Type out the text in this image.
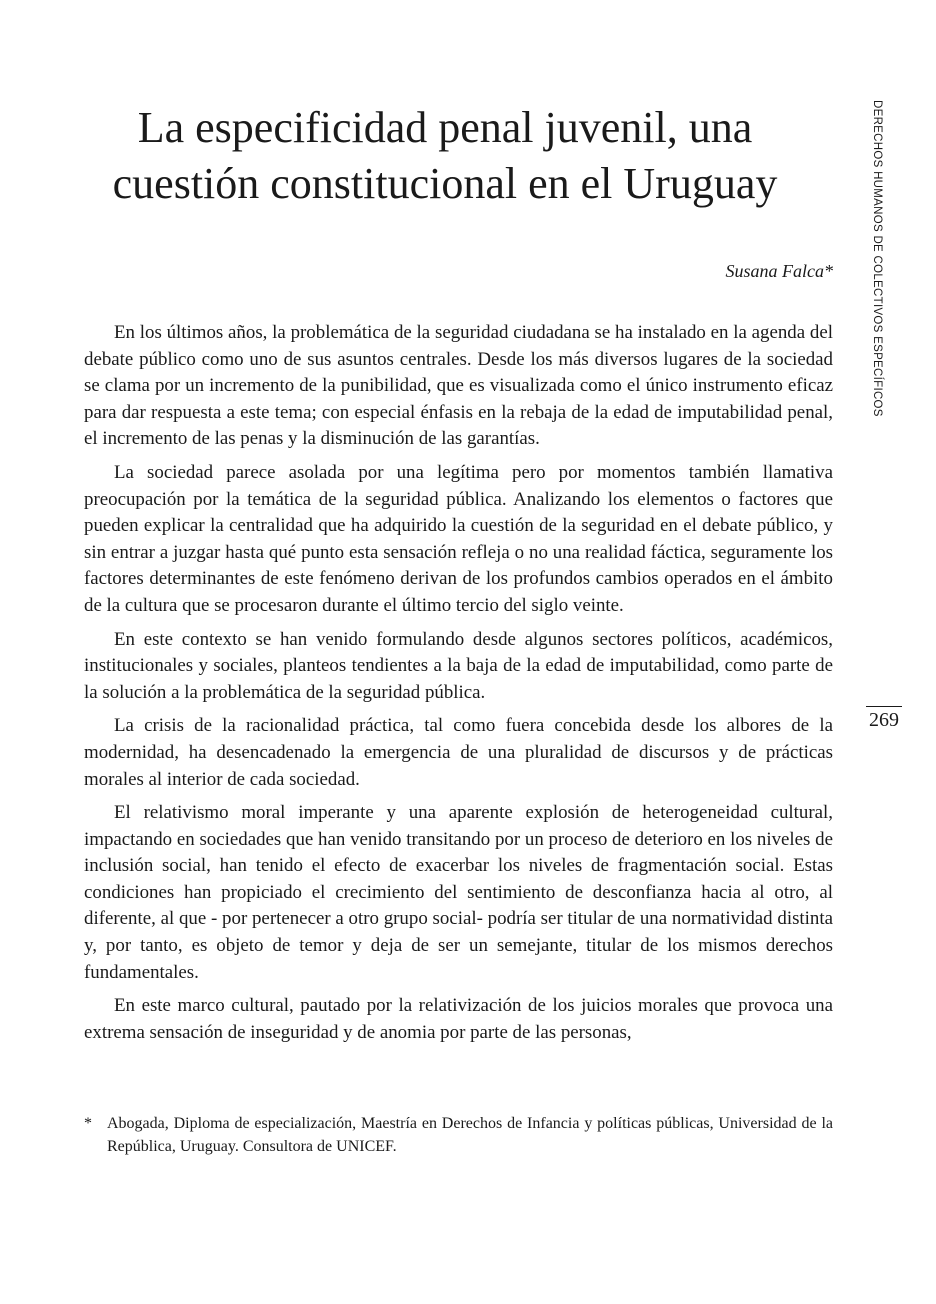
La especificidad penal juvenil, una
cuestión constitucional en el Uruguay

Susana Falca*

En los últimos años, la problemática de la seguridad ciudadana se ha instalado en la agenda del debate público como uno de sus asuntos centrales. Desde los más diversos lugares de la sociedad se clama por un incremento de la punibilidad, que es visualizada como el único instrumento eficaz para dar respuesta a este tema; con especial énfasis en la rebaja de la edad de imputabilidad penal, el incremento de las penas y la disminución de las garantías.

La sociedad parece asolada por una legítima pero por momentos también llamativa preocupación por la temática de la seguridad pública. Analizando los elementos o factores que pueden explicar la centralidad que ha adquirido la cuestión de la seguridad en el debate público, y sin entrar a juzgar hasta qué punto esta sensación refleja o no una realidad fáctica, seguramente los factores determinantes de este fenómeno derivan de los profundos cambios operados en el ámbito de la cultura que se procesaron durante el último tercio del siglo veinte.

En este contexto se han venido formulando desde algunos sectores políticos, académicos, institucionales y sociales, planteos tendientes a la baja de la edad de imputabilidad, como parte de la solución a la problemática de la seguridad pública.

La crisis de la racionalidad práctica, tal como fuera concebida desde los albores de la modernidad, ha desencadenado la emergencia de una pluralidad de discursos y de prácticas morales al interior de cada sociedad.

El relativismo moral imperante y una aparente explosión de heterogeneidad cultural, impactando en sociedades que han venido transitando por un proceso de deterioro en los niveles de inclusión social, han tenido el efecto de exacerbar los niveles de fragmentación social. Estas condiciones han propiciado el crecimiento del sentimiento de desconfianza hacia al otro, al diferente, al que - por pertenecer a otro grupo social- podría ser titular de una normatividad distinta y, por tanto, es objeto de temor y deja de ser un semejante, titular de los mismos derechos fundamentales.

En este marco cultural, pautado por la relativización de los juicios morales que provoca una extrema sensación de inseguridad y de anomia por parte de las personas,

* Abogada, Diploma de especialización, Maestría en Derechos de Infancia y políticas públicas, Universidad de la República, Uruguay. Consultora de UNICEF.
DERECHOS HUMANOS DE COLECTIVOS ESPECÍFICOS
269
